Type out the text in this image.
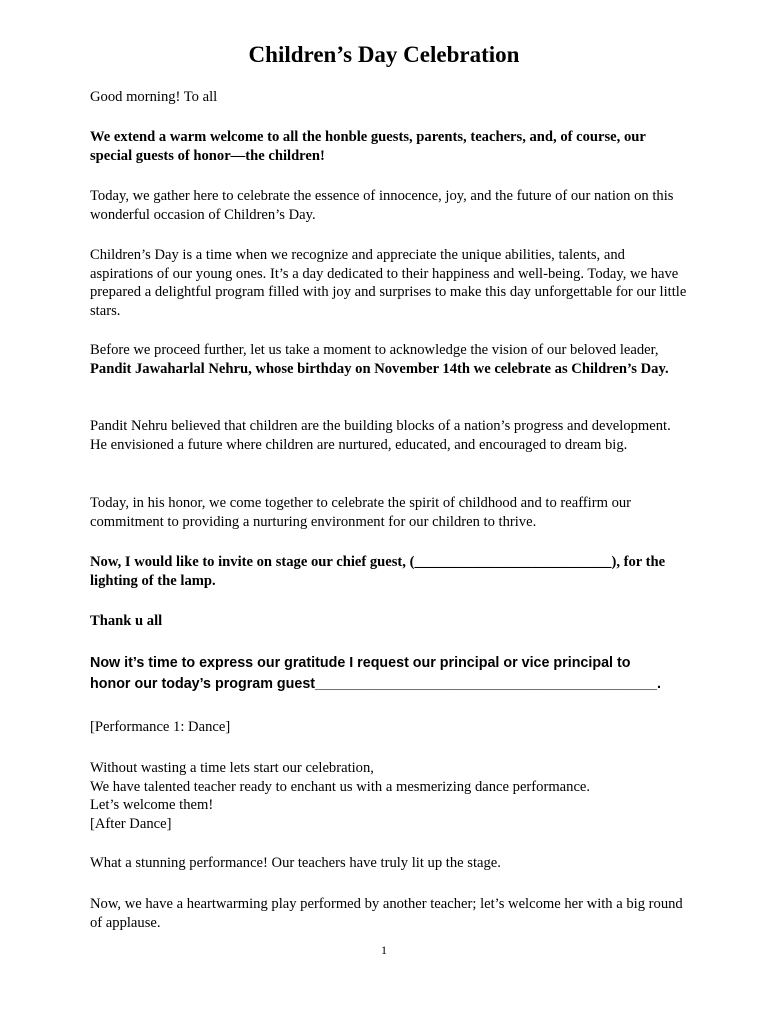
Children’s Day Celebration

Good morning! To all

We extend a warm welcome to all the honble guests, parents, teachers, and, of course, our special guests of honor—the children!

Today, we gather here to celebrate the essence of innocence, joy, and the future of our nation on this wonderful occasion of Children’s Day.

Children’s Day is a time when we recognize and appreciate the unique abilities, talents, and aspirations of our young ones. It’s a day dedicated to their happiness and well-being. Today, we have prepared a delightful program filled with joy and surprises to make this day unforgettable for our little stars.

Before we proceed further, let us take a moment to acknowledge the vision of our beloved leader, Pandit Jawaharlal Nehru, whose birthday on November 14th we celebrate as Children’s Day.

Pandit Nehru believed that children are the building blocks of a nation’s progress and development. He envisioned a future where children are nurtured, educated, and encouraged to dream big.

Today, in his honor, we come together to celebrate the spirit of childhood and to reaffirm our commitment to providing a nurturing environment for our children to thrive.

Now, I would like to invite on stage our chief guest, (___________________________), for the lighting of the lamp.

Thank u all

Now it’s time to express our gratitude I request our principal or vice principal to
honor our today’s program guest___________________________________________.

[Performance 1: Dance]

Without wasting a time lets start our celebration,
We have talented teacher ready to enchant us with a mesmerizing dance performance.
Let’s welcome them!
[After Dance]

What a stunning performance! Our teachers have truly lit up the stage.

Now, we have a heartwarming play performed by another teacher; let’s welcome her with a big round of applause.

1
